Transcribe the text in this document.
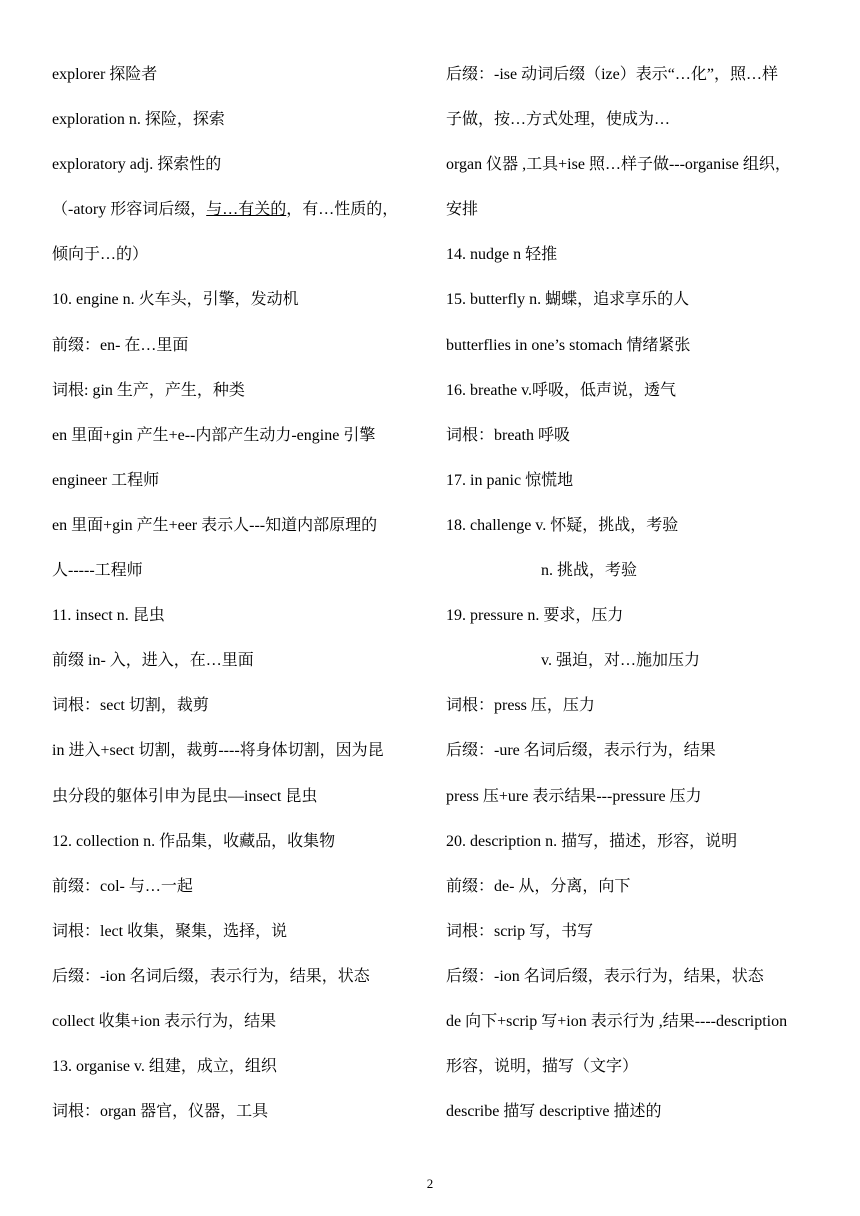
explorer 探险者
exploration n. 探险，探索
exploratory adj. 探索性的
（-atory 形容词后缀，与…有关的，有…性质的，
倾向于…的）
10. engine n. 火车头，引擎，发动机
前缀：en- 在…里面
词根: gin 生产，产生，种类
en 里面+gin 产生+e--内部产生动力-engine 引擎
engineer 工程师
en 里面+gin 产生+eer 表示人---知道内部原理的
人-----工程师
11. insect n. 昆虫
前缀 in- 入，进入，在…里面
词根：sect 切割，裁剪
in 进入+sect 切割，裁剪----将身体切割，因为昆
虫分段的躯体引申为昆虫—insect 昆虫
12. collection n. 作品集，收藏品，收集物
前缀：col- 与…一起
词根：lect 收集，聚集，选择，说
后缀：-ion 名词后缀，表示行为，结果，状态
collect 收集+ion 表示行为，结果
13. organise v. 组建，成立，组织
词根：organ 器官，仪器，工具
后缀：-ise 动词后缀（ize）表示“…化”，照…样
子做，按…方式处理，使成为…
organ 仪器 ,工具+ise 照…样子做---organise 组织，
安排
14. nudge n 轻推
15. butterfly n. 蝴蝶，追求享乐的人
butterflies in one’s stomach 情绪紧张
16. breathe v.呼吸，低声说，透气
词根：breath 呼吸
17. in panic 惊慌地
18. challenge v. 怀疑，挑战，考验
n. 挑战，考验
19. pressure n. 要求，压力
v. 强迫，对…施加压力
词根：press 压，压力
后缀：-ure 名词后缀，表示行为，结果
press 压+ure 表示结果---pressure 压力
20. description n. 描写，描述，形容，说明
前缀：de- 从，分离，向下
词根：scrip 写，书写
后缀：-ion 名词后缀，表示行为，结果，状态
de 向下+scrip 写+ion 表示行为 ,结果----description
形容，说明，描写（文字）
describe 描写 descriptive 描述的
2
